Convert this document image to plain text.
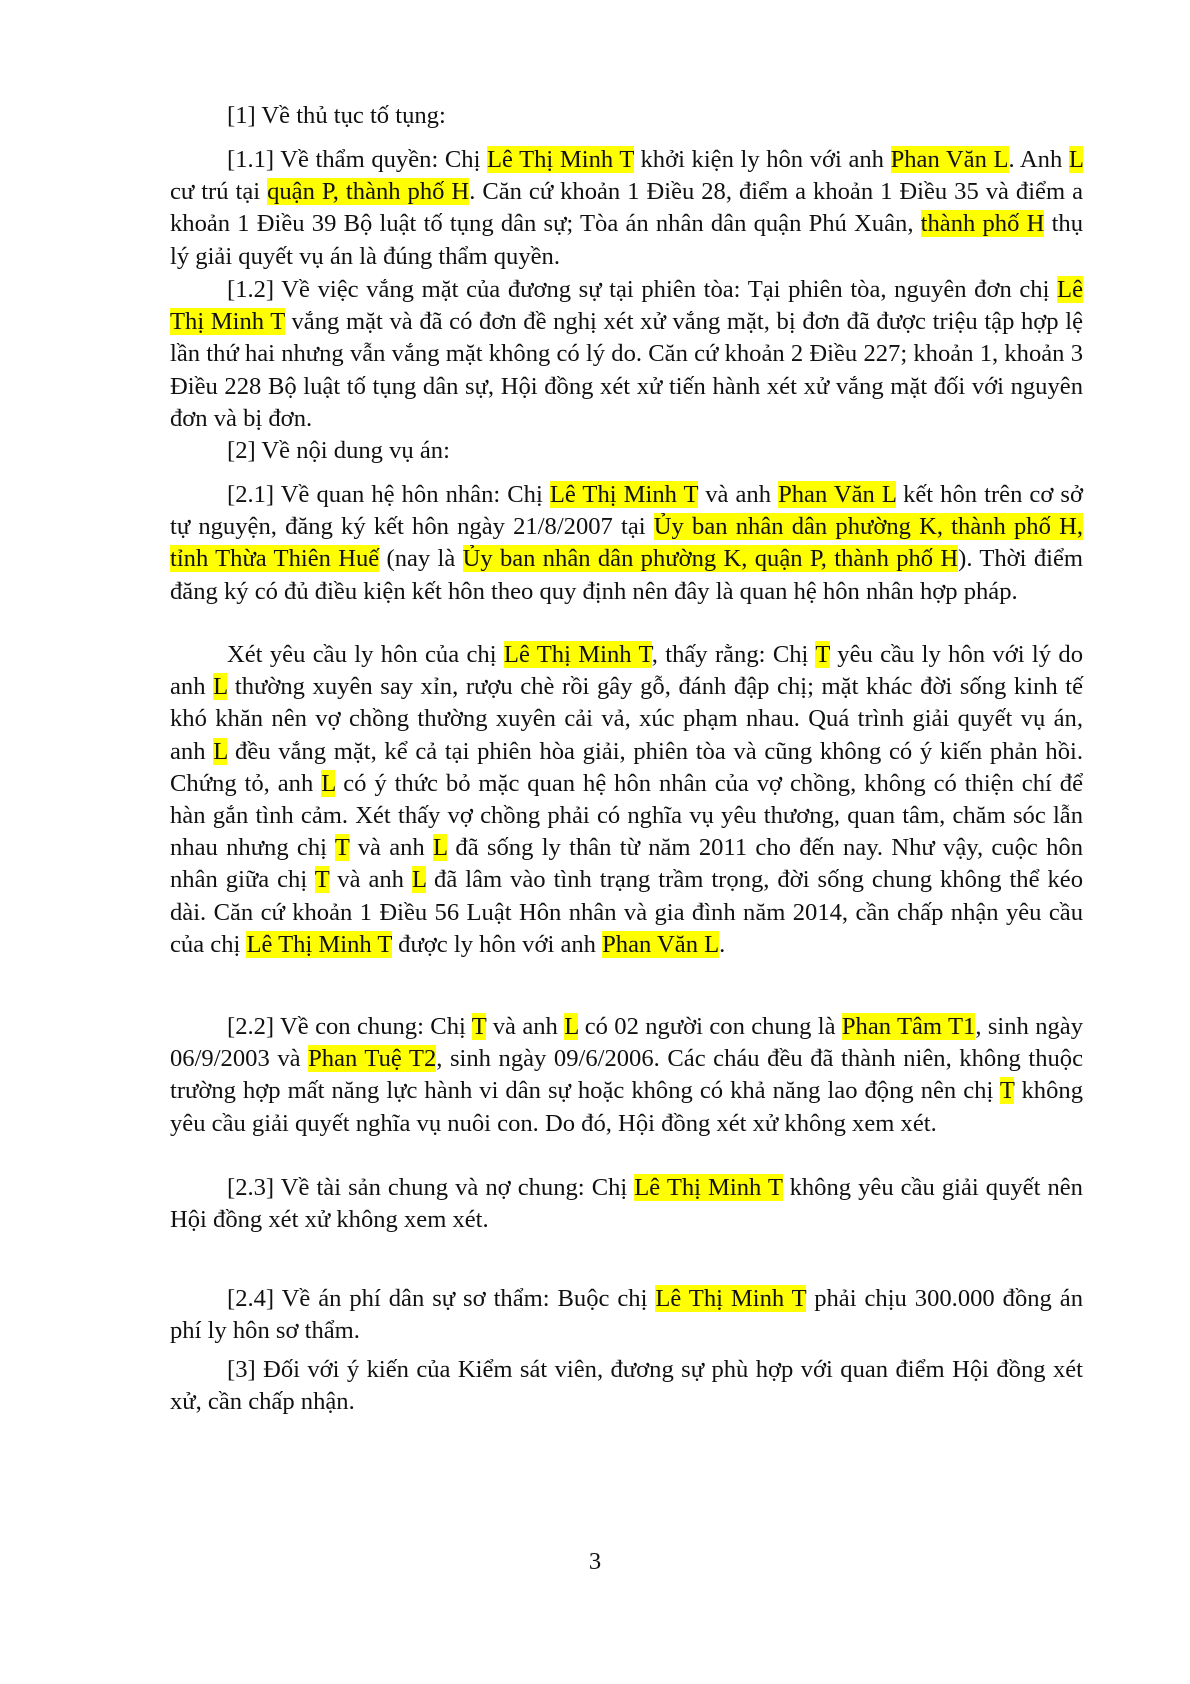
[1] Về thủ tục tố tụng:

[1.1] Về thẩm quyền: Chị Lê Thị Minh T khởi kiện ly hôn với anh Phan Văn L. Anh L cư trú tại quận P, thành phố H. Căn cứ khoản 1 Điều 28, điểm a khoản 1 Điều 35 và điểm a khoản 1 Điều 39 Bộ luật tố tụng dân sự; Tòa án nhân dân quận Phú Xuân, thành phố H thụ lý giải quyết vụ án là đúng thẩm quyền.

[1.2] Về việc vắng mặt của đương sự tại phiên tòa: Tại phiên tòa, nguyên đơn chị Lê Thị Minh T vắng mặt và đã có đơn đề nghị xét xử vắng mặt, bị đơn đã được triệu tập hợp lệ lần thứ hai nhưng vẫn vắng mặt không có lý do. Căn cứ khoản 2 Điều 227; khoản 1, khoản 3 Điều 228 Bộ luật tố tụng dân sự, Hội đồng xét xử tiến hành xét xử vắng mặt đối với nguyên đơn và bị đơn.

[2] Về nội dung vụ án:

[2.1] Về quan hệ hôn nhân: Chị Lê Thị Minh T và anh Phan Văn L kết hôn trên cơ sở tự nguyện, đăng ký kết hôn ngày 21/8/2007 tại Ủy ban nhân dân phường K, thành phố H, tỉnh Thừa Thiên Huế (nay là Ủy ban nhân dân phường K, quận P, thành phố H). Thời điểm đăng ký có đủ điều kiện kết hôn theo quy định nên đây là quan hệ hôn nhân hợp pháp.

Xét yêu cầu ly hôn của chị Lê Thị Minh T, thấy rằng: Chị T yêu cầu ly hôn với lý do anh L thường xuyên say xỉn, rượu chè rồi gây gỗ, đánh đập chị; mặt khác đời sống kinh tế khó khăn nên vợ chồng thường xuyên cải vả, xúc phạm nhau. Quá trình giải quyết vụ án, anh L đều vắng mặt, kể cả tại phiên hòa giải, phiên tòa và cũng không có ý kiến phản hồi. Chứng tỏ, anh L có ý thức bỏ mặc quan hệ hôn nhân của vợ chồng, không có thiện chí để hàn gắn tình cảm. Xét thấy vợ chồng phải có nghĩa vụ yêu thương, quan tâm, chăm sóc lẫn nhau nhưng chị T và anh L đã sống ly thân từ năm 2011 cho đến nay. Như vậy, cuộc hôn nhân giữa chị T và anh L đã lâm vào tình trạng trầm trọng, đời sống chung không thể kéo dài. Căn cứ khoản 1 Điều 56 Luật Hôn nhân và gia đình năm 2014, cần chấp nhận yêu cầu của chị Lê Thị Minh T được ly hôn với anh Phan Văn L.

[2.2] Về con chung: Chị T và anh L có 02 người con chung là Phan Tâm T1, sinh ngày 06/9/2003 và Phan Tuệ T2, sinh ngày 09/6/2006. Các cháu đều đã thành niên, không thuộc trường hợp mất năng lực hành vi dân sự hoặc không có khả năng lao động nên chị T không yêu cầu giải quyết nghĩa vụ nuôi con. Do đó, Hội đồng xét xử không xem xét.

[2.3] Về tài sản chung và nợ chung: Chị Lê Thị Minh T không yêu cầu giải quyết nên Hội đồng xét xử không xem xét.

[2.4] Về án phí dân sự sơ thẩm: Buộc chị Lê Thị Minh T phải chịu 300.000 đồng án phí ly hôn sơ thẩm.

[3] Đối với ý kiến của Kiểm sát viên, đương sự phù hợp với quan điểm Hội đồng xét xử, cần chấp nhận.

3
